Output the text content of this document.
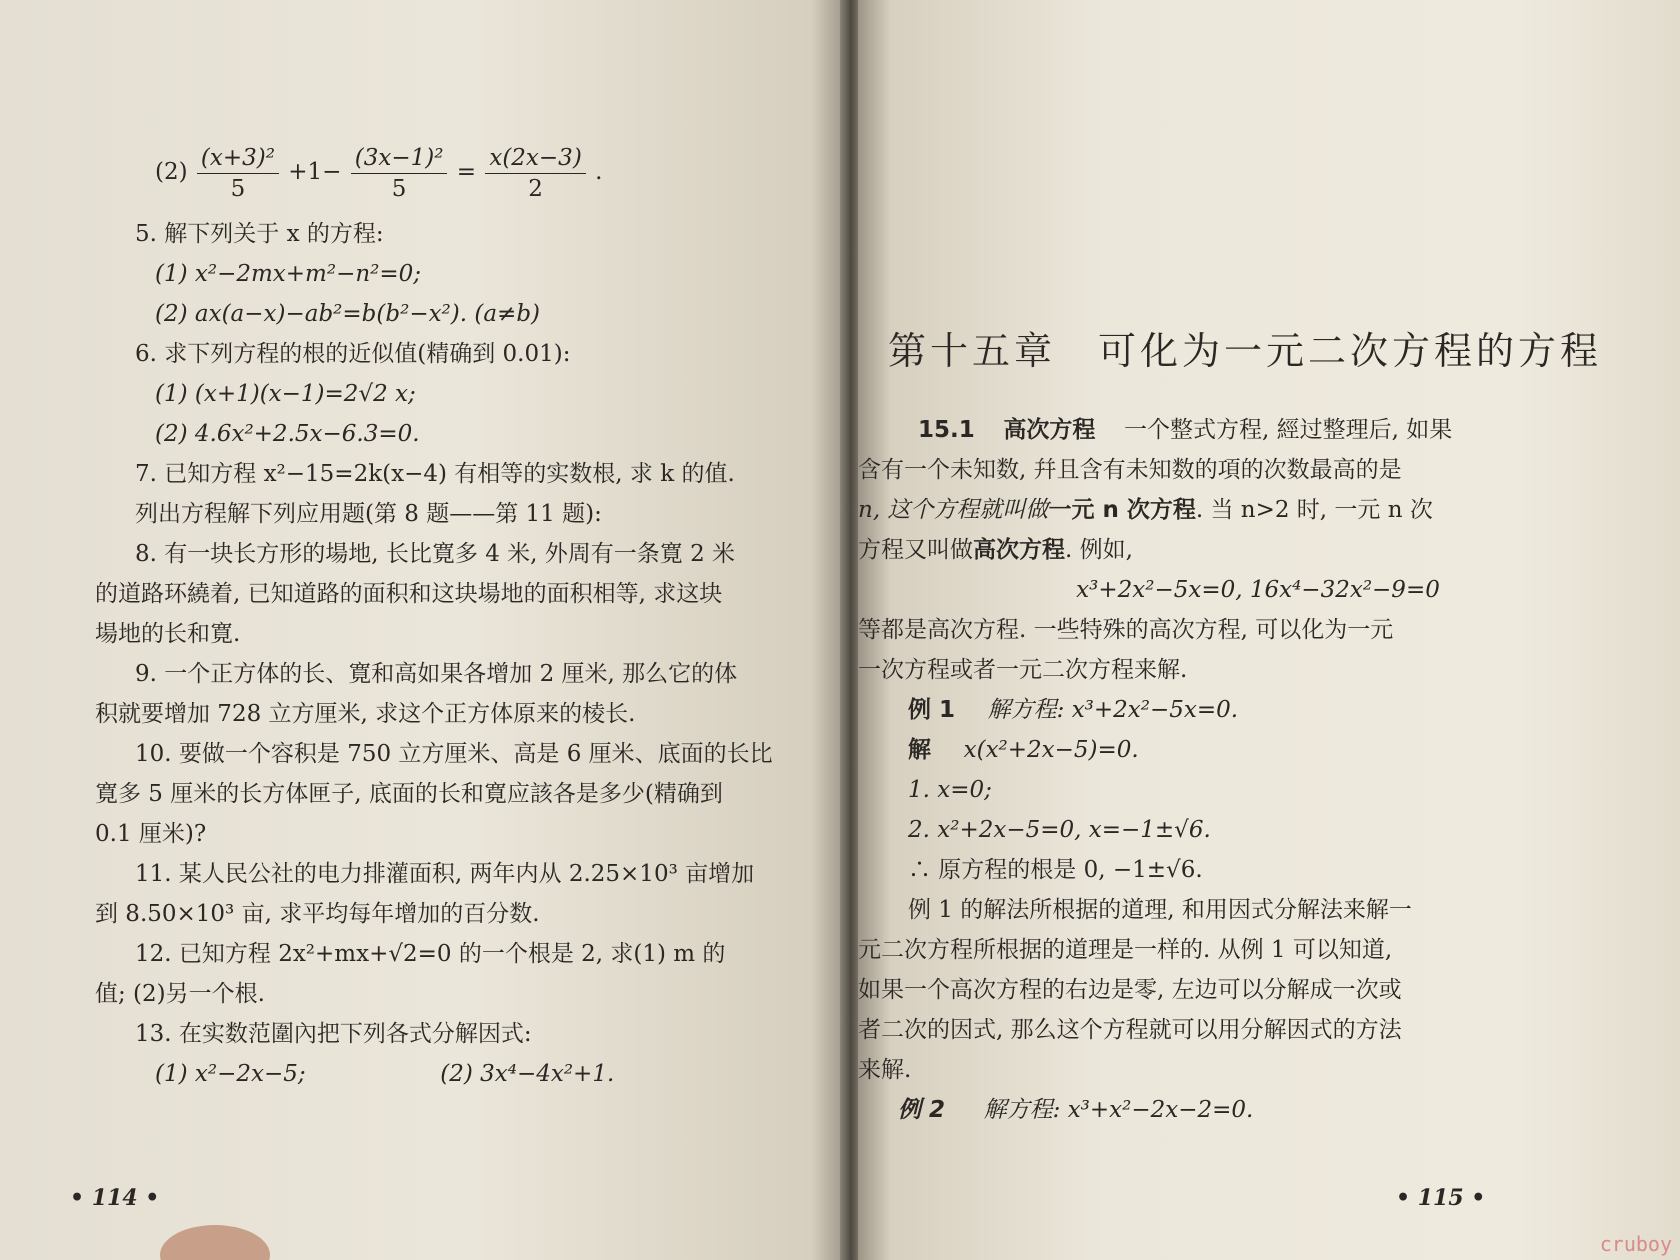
$(2) \frac{\text{(x+3)²}}{5} +1- \frac{\text{(3x−1)²}}{5} = \frac{x(2x-3)}{2}$ .
5. 解下列关于 x 的方程:
(1) x²−2mx+m²−n²=0;
(2) ax(a−x)−ab²=b(b²−x²). (a≠b)
6. 求下列方程的根的近似值(精确到 0.01):
(1) (x+1)(x−1)=2√2 x;
(2) 4.6x²+2.5x−6.3=0.
7. 已知方程 x²−15=2k(x−4) 有相等的实数根, 求 k 的值.
列出方程解下列应用题(第 8 题——第 11 题):
8. 有一块长方形的場地, 长比寛多 4 米, 外周有一条寛 2 米
的道路环繞着, 已知道路的面积和这块場地的面积相等, 求这块
場地的长和寛.
9. 一个正方体的长、寛和高如果各增加 2 厘米, 那么它的体
积就要增加 728 立方厘米, 求这个正方体原来的棱长.
10. 要做一个容积是 750 立方厘米、高是 6 厘米、底面的长比
寛多 5 厘米的长方体匣子, 底面的长和寛应該各是多少(精确到
0.1 厘米)?
11. 某人民公社的电力排灌面积, 两年内从 2.25×10³ 亩增加
到 8.50×10³ 亩, 求平均每年增加的百分数.
12. 已知方程 2x²+mx+√2=0 的一个根是 2, 求(1) m 的
值; (2)另一个根.
13. 在实数范圍內把下列各式分解因式:
(1) x²−2x−5;	(2) 3x⁴−4x²+1.
• 114 •
第十五章　可化为一元二次方程的方程
15.1 高次方程 一个整式方程, 經过整理后, 如果
含有一个未知数, 幷且含有未知数的項的次数最高的是
n, 这个方程就叫做一元 n 次方程. 当 n>2 时, 一元 n 次
方程又叫做高次方程. 例如,
x³+2x²−5x=0, 16x⁴−32x²−9=0
等都是高次方程. 一些特殊的高次方程, 可以化为一元
一次方程或者一元二次方程来解.
例 1 解方程: x³+2x²−5x=0.
解 x(x²+2x−5)=0.
1. x=0;
2. x²+2x−5=0, x=−1±√6.
∴ 原方程的根是 0, −1±√6.
例 1 的解法所根据的道理, 和用因式分解法来解一
元二次方程所根据的道理是一样的. 从例 1 可以知道,
如果一个高次方程的右边是零, 左边可以分解成一次或
者二次的因式, 那么这个方程就可以用分解因式的方法
来解.
例 2 解方程: x³+x²−2x−2=0.
• 115 •
cruboy
